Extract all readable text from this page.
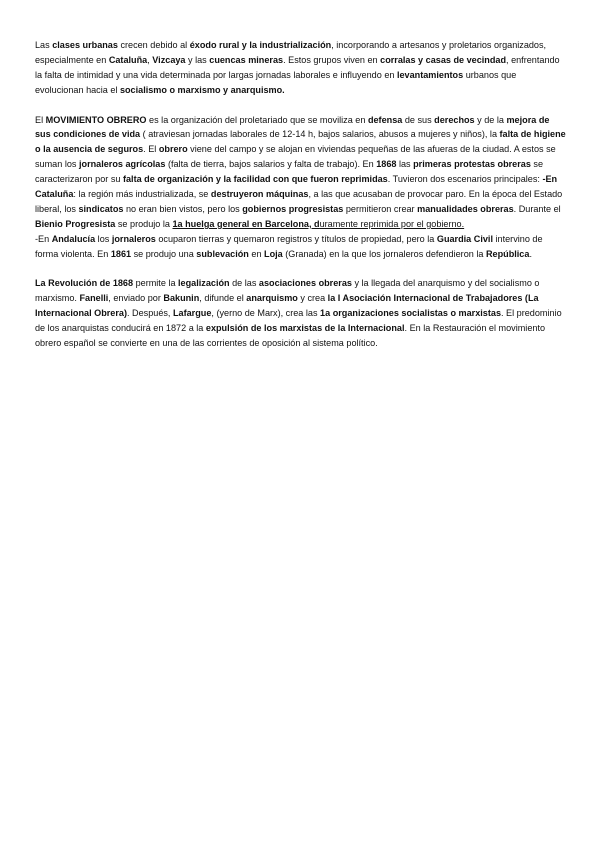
Las clases urbanas crecen debido al éxodo rural y la industrialización, incorporando a artesanos y proletarios organizados, especialmente en Cataluña, Vizcaya y las cuencas mineras. Estos grupos viven en corralas y casas de vecindad, enfrentando la falta de intimidad y una vida determinada por largas jornadas laborales e influyendo en levantamientos urbanos que evolucionan hacia el socialismo o marxismo y anarquismo.

El MOVIMIENTO OBRERO es la organización del proletariado que se moviliza en defensa de sus derechos y de la mejora de sus condiciones de vida ( atraviesan jornadas laborales de 12-14 h, bajos salarios, abusos a mujeres y niños), la falta de higiene o la ausencia de seguros. El obrero viene del campo y se alojan en viviendas pequeñas de las afueras de la ciudad. A estos se suman los jornaleros agrícolas (falta de tierra, bajos salarios y falta de trabajo). En 1868 las primeras protestas obreras se caracterizaron por su falta de organización y la facilidad con que fueron reprimidas. Tuvieron dos escenarios principales: -En Cataluña: la región más industrializada, se destruyeron máquinas, a las que acusaban de provocar paro. En la época del Estado liberal, los sindicatos no eran bien vistos, pero los gobiernos progresistas permitieron crear manualidades obreras. Durante el Bienio Progresista se produjo la 1a huelga general en Barcelona, duramente reprimida por el gobierno.

-En Andalucía los jornaleros ocuparon tierras y quemaron registros y títulos de propiedad, pero la Guardia Civil intervino de forma violenta. En 1861 se produjo una sublevación en Loja (Granada) en la que los jornaleros defendieron la República.

La Revolución de 1868 permite la legalización de las asociaciones obreras y la llegada del anarquismo y del socialismo o marxismo. Fanelli, enviado por Bakunin, difunde el anarquismo y crea la I Asociación Internacional de Trabajadores (La Internacional Obrera). Después, Lafargue, (yerno de Marx), crea las 1a organizaciones socialistas o marxistas. El predominio de los anarquistas conducirá en 1872 a la expulsión de los marxistas de la Internacional. En la Restauración el movimiento obrero español se convierte en una de las corrientes de oposición al sistema político.
